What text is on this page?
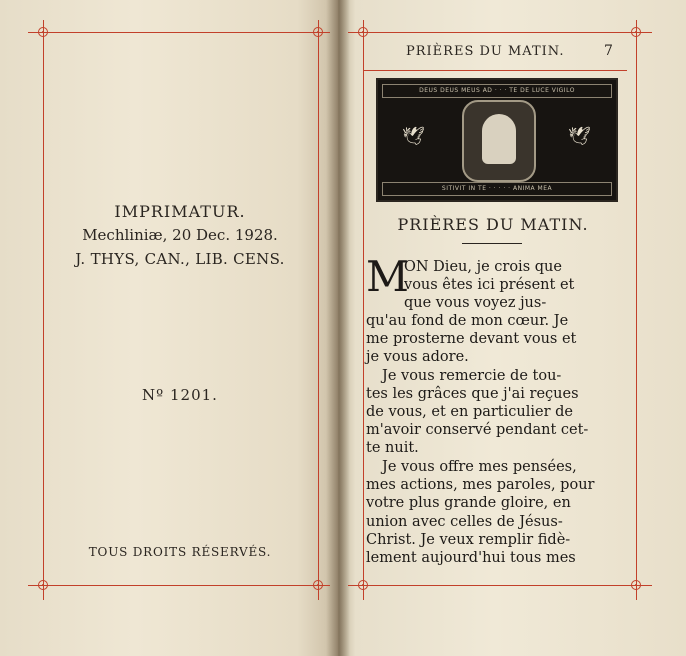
IMPRIMATUR.
Mechliniæ, 20 Dec. 1928.
J. THYS, CAN., LIB. CENS.
Nº 1201.
TOUS DROITS RÉSERVÉS.
PRIÈRES DU MATIN.	7
DEUS DEUS MEUS AD · · · TE DE LUCE VIGILO
🕊	🕊
SITIVIT IN TE · · · · · ANIMA MEA
PRIÈRES DU MATIN.
M
ON Dieu, je crois que
vous êtes ici présent et
que vous voyez jus-
qu'au fond de mon cœur. Je
me prosterne devant vous et
je vous adore.
Je vous remercie de tou-
tes les grâces que j'ai reçues
de vous, et en particulier de
m'avoir conservé pendant cet-
te nuit.
Je vous offre mes pensées,
mes actions, mes paroles, pour
votre plus grande gloire, en
union avec celles de Jésus-
Christ. Je veux remplir fidè-
lement aujourd'hui tous mes
